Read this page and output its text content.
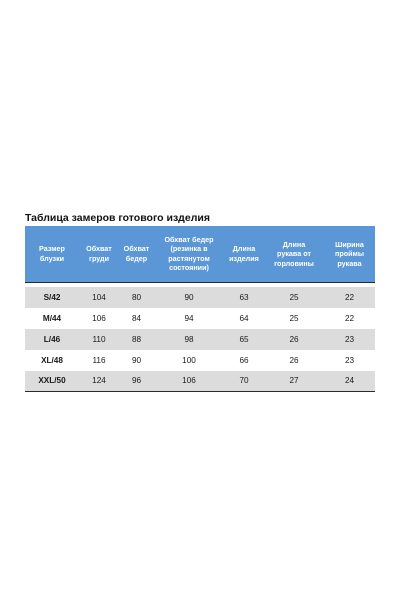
Таблица замеров готового изделия
Размер
блузки	Обхват
груди	Обхват
бедер	Обхват бедер
(резинка в
растянутом
состоянии)	Длина
изделия	Длина
рукава от
горловины	Ширина
проймы
рукава

S/42	104	80	90	63	25	22
M/44	106	84	94	64	25	22
L/46	110	88	98	65	26	23
XL/48	116	90	100	66	26	23
XXL/50	124	96	106	70	27	24
